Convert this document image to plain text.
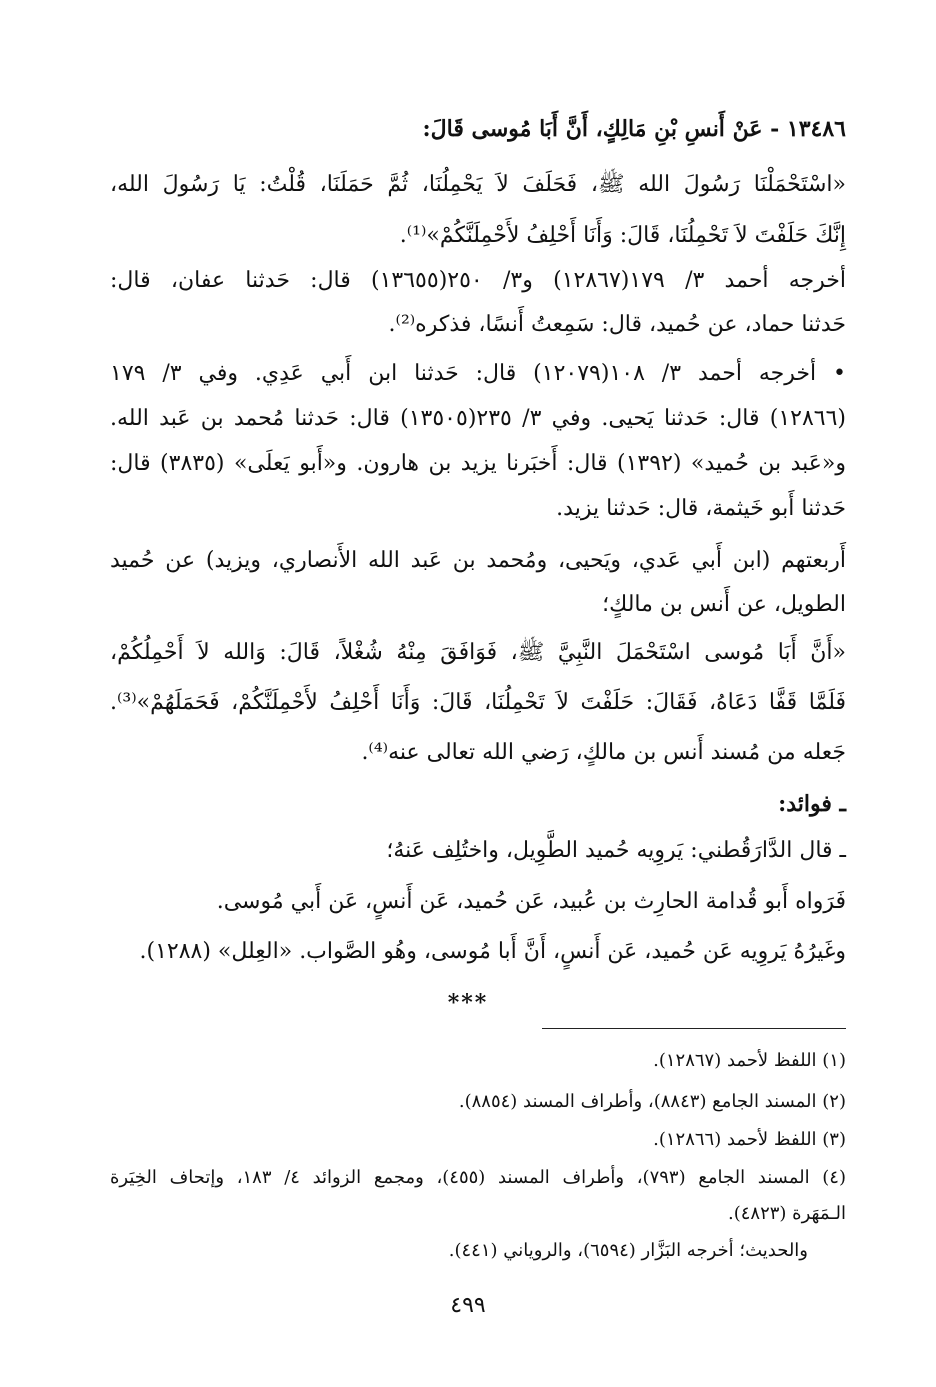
١٣٤٨٦ - عَنْ أَنسِ بْنِ مَالِكٍ، أَنَّ أَبَا مُوسى قَالَ:
«اسْتَحْمَلْنَا رَسُولَ الله ﷺ، فَحَلَفَ لاَ يَحْمِلُنَا، ثُمَّ حَمَلَنَا، قُلْتُ: يَا رَسُولَ الله،
إِنَّكَ حَلَفْتَ لاَ تَحْمِلُنَا، قَالَ: وَأَنَا أَحْلِفُ لأَحْمِلَنَّكُمْ»⁽¹⁾.
أخرجه أحمد ٣/ ١٧٩(١٢٨٦٧) و٣/ ٢٥٠(١٣٦٥٥) قال: حَدثنا عفان، قال:
حَدثنا حماد، عن حُميد، قال: سَمِعتُ أَنسًا، فذكره⁽²⁾.
• أخرجه أحمد ٣/ ١٠٨(١٢٠٧٩) قال: حَدثنا ابن أَبي عَدِي. وفي ٣/ ١٧٩
(١٢٨٦٦) قال: حَدثنا يَحيى. وفي ٣/ ٢٣٥(١٣٥٠٥) قال: حَدثنا مُحمد بن عَبد الله.
و«عَبد بن حُميد» (١٣٩٢) قال: أَخبَرنا يزيد بن هارون. و«أَبو يَعلَى» (٣٨٣٥) قال:
حَدثنا أَبو خَيثمة، قال: حَدثنا يزيد.
أَربعتهم (ابن أَبي عَدي، ويَحيى، ومُحمد بن عَبد الله الأَنصاري، ويزيد) عن حُميد
الطويل، عن أَنس بن مالكٍ؛
«أَنَّ أَبَا مُوسى اسْتَحْمَلَ النَّبِيَّ ﷺ، فَوَافَقَ مِنْهُ شُغْلاً، قَالَ: وَالله لاَ أَحْمِلُكُمْ،
فَلَمَّا قَفَّا دَعَاهُ، فَقَالَ: حَلَفْتَ لاَ تَحْمِلُنَا، قَالَ: وَأَنَا أَحْلِفُ لأَحْمِلَنَّكُمْ، فَحَمَلَهُمْ»⁽³⁾.
جَعله من مُسند أَنس بن مالكٍ، رَضي الله تعالى عنه⁽⁴⁾.
ـ فوائد:
ـ قال الدَّارَقُطني: يَروِيه حُميد الطَّوِيل، واختُلِف عَنهُ؛
فَرَواه أَبو قُدامة الحارِث بن عُبيد، عَن حُميد، عَن أَنسٍ، عَن أَبي مُوسى.
وغَيرُهُ يَروِيه عَن حُميد، عَن أَنسٍ، أَنَّ أَبا مُوسى، وهُو الصَّواب. «العِلل» (١٢٨٨).
***
(١) اللفظ لأحمد (١٢٨٦٧).
(٢) المسند الجامع (٨٨٤٣)، وأطراف المسند (٨٨٥٤).
(٣) اللفظ لأحمد (١٢٨٦٦).
(٤) المسند الجامع (٧٩٣)، وأطراف المسند (٤٥٥)، ومجمع الزوائد ٤/ ١٨٣، وإتحاف الخِيَرة
الـمَهَرة (٤٨٢٣).
والحديث؛ أخرجه البَزَّار (٦٥٩٤)، والروياني (٤٤١).
٤٩٩
